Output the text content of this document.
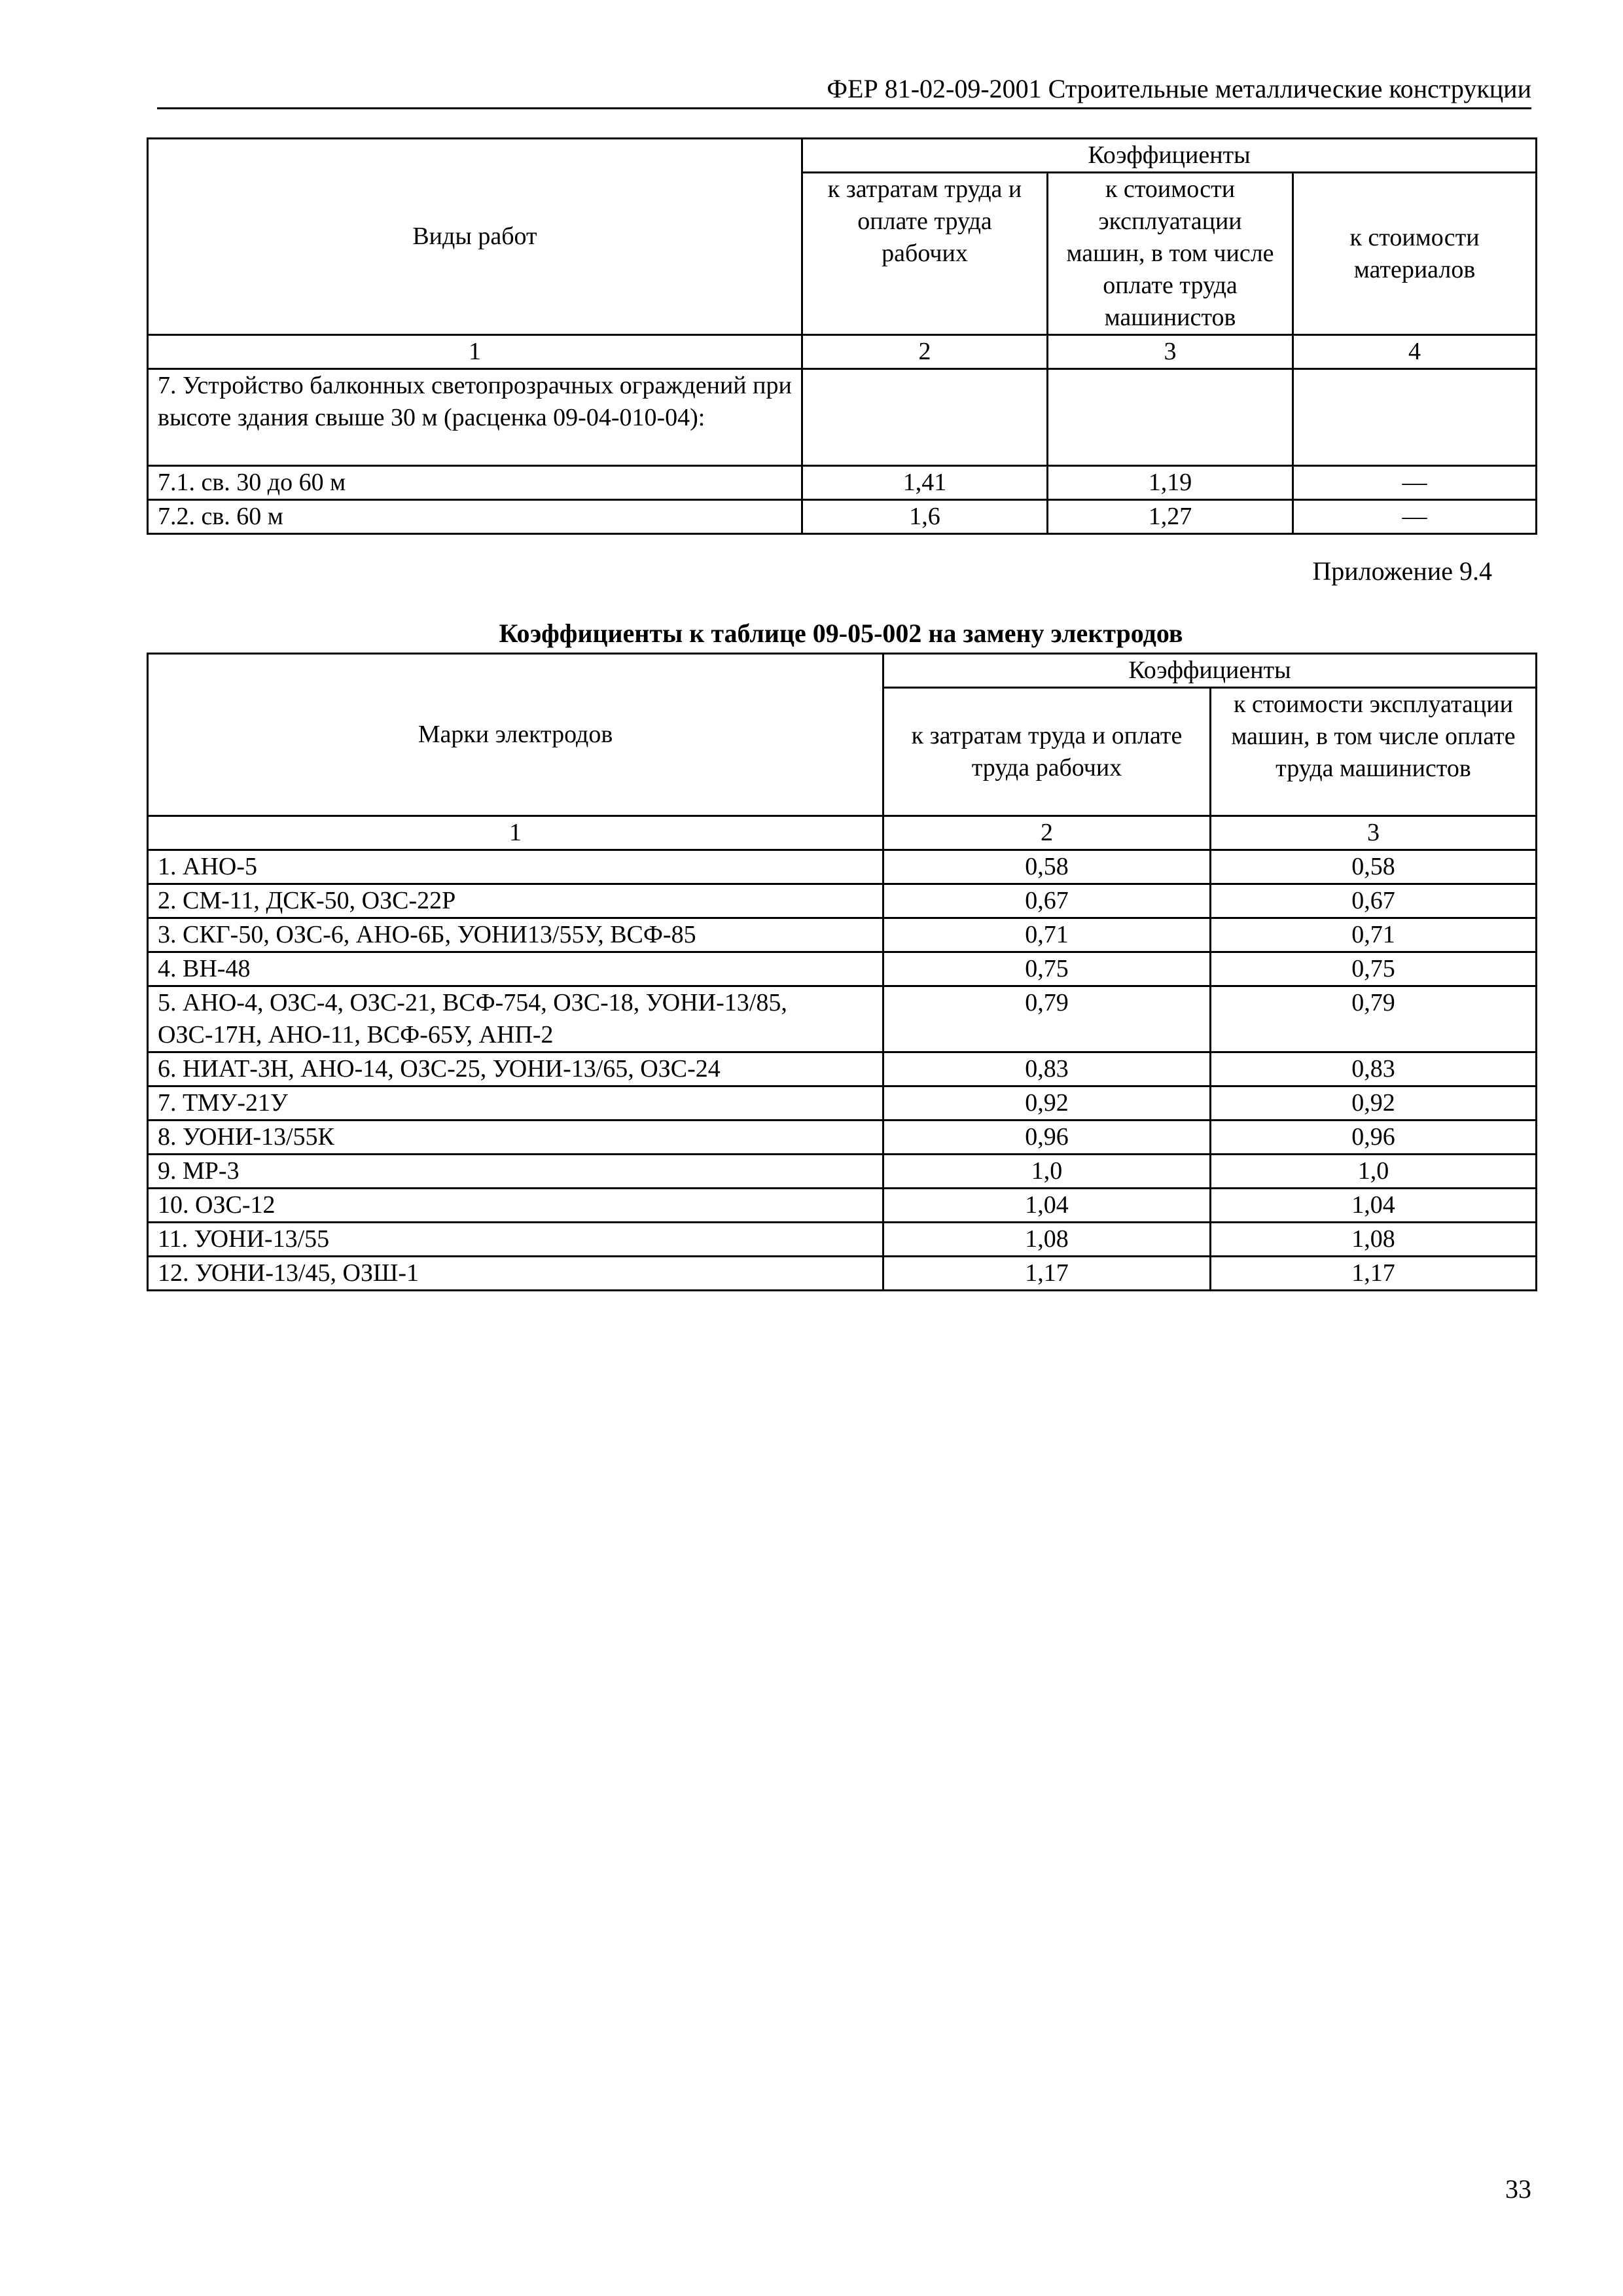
ФЕР 81-02-09-2001 Строительные металлические конструкции
Виды работ	Коэффициенты		
	к затратам труда и оплате труда рабочих	к стоимости эксплуатации машин, в том числе оплате труда машинистов	к стоимости материалов
1	2	3	4
7. Устройство балконных светопрозрачных ограждений при высоте здания свыше 30 м (расценка 09-04-010-04):			
7.1. св. 30 до 60 м	1,41	1,19	—
7.2. св. 60 м	1,6	1,27	—
Приложение 9.4
Коэффициенты к таблице 09-05-002 на замену электродов
Марки электродов	Коэффициенты	
	к затратам труда и оплате труда рабочих	к стоимости эксплуатации машин, в том числе оплате труда машинистов
1	2	3
1. АНО-5	0,58	0,58
2. СМ-11, ДСК-50, ОЗС-22Р	0,67	0,67
3. СКГ-50, ОЗС-6, АНО-6Б, УОНИ13/55У, ВСФ-85	0,71	0,71
4. ВН-48	0,75	0,75
5. АНО-4, ОЗС-4, ОЗС-21, ВСФ-754, ОЗС-18, УОНИ-13/85, ОЗС-17Н, АНО-11, ВСФ-65У, АНП-2	0,79	0,79
6. НИАТ-3Н, АНО-14, ОЗС-25, УОНИ-13/65, ОЗС-24	0,83	0,83
7. ТМУ-21У	0,92	0,92
8. УОНИ-13/55К	0,96	0,96
9. МР-3	1,0	1,0
10. ОЗС-12	1,04	1,04
11. УОНИ-13/55	1,08	1,08
12. УОНИ-13/45, ОЗШ-1	1,17	1,17
33
